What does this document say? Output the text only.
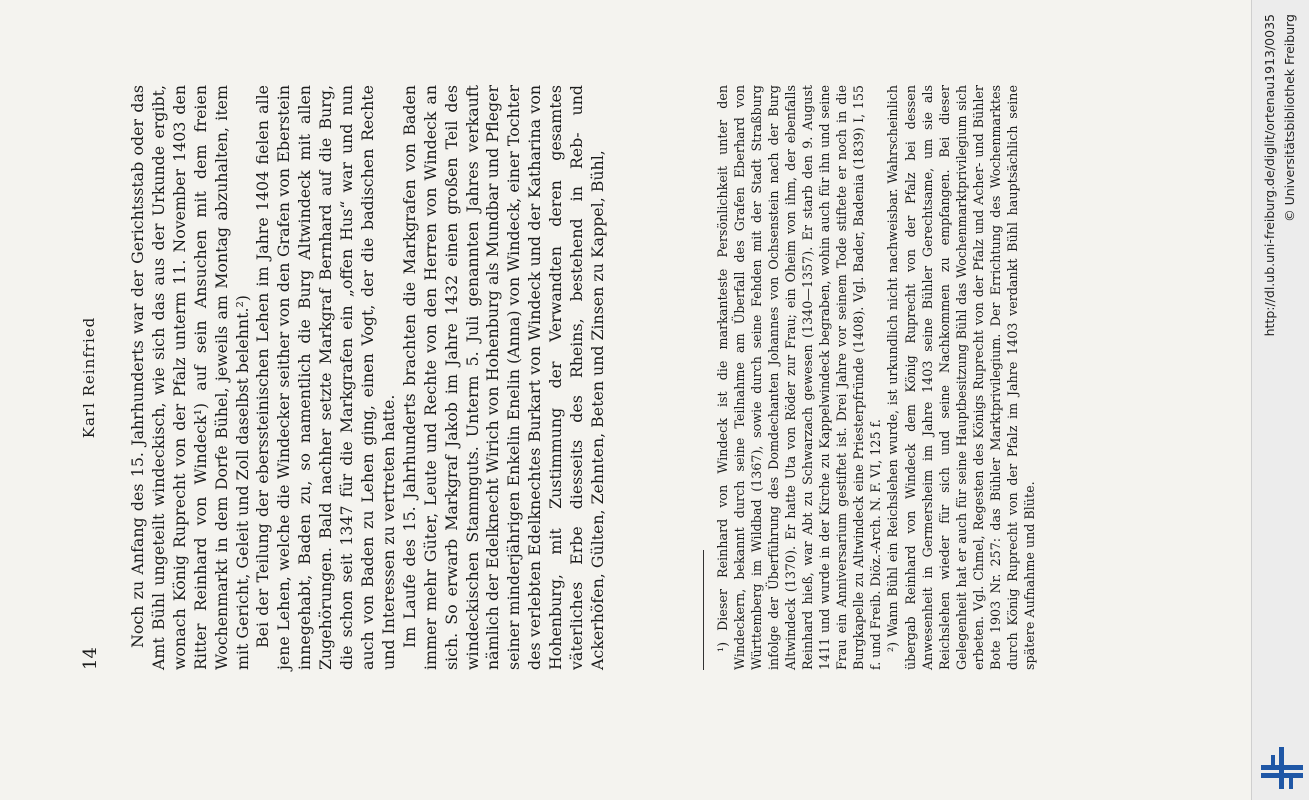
14
Karl Reinfried Noch zu Anfang des 15. Jahrhunderts war der Gerichtsstab oder das Amt Bühl ungeteilt windeckisch, wie sich das aus der Urkunde ergibt, wonach König Ruprecht von der Pfalz unterm 11. November 1403 den Ritter Reinhard von Windeck¹) auf sein Ansuchen mit dem freien Wochenmarkt in dem Dorfe Bühel, jeweils am Montag abzuhalten, item mit Gericht, Geleit und Zoll daselbst belehnt.²) Bei der Teilung der eberssteinischen Lehen im Jahre 1404 fielen alle jene Lehen, welche die Windecker seither von den Grafen von Eberstein innegehabt, Baden zu, so namentlich die Burg Altwindeck mit allen Zugehörungen. Bald nachher setzte Markgraf Bernhard auf die Burg, die schon seit 1347 für die Markgrafen ein „offen Hus“ war und nun auch von Baden zu Lehen ging, einen Vogt, der die badischen Rechte und Interessen zu vertreten hatte. Im Laufe des 15. Jahrhunderts brachten die Markgrafen von Baden immer mehr Güter, Leute und Rechte von den Herren von Windeck an sich. So erwarb Markgraf Jakob im Jahre 1432 einen großen Teil des windeckischen Stammguts. Unterm 5. Juli genannten Jahres verkauft nämlich der Edelknecht Wirich von Hohenburg als Mundbar und Pfleger seiner minderjährigen Enkelin Enelin (Anna) von Windeck, einer Tochter des verlebten Edelknechtes Burkart von Windeck und der Katharina von Hohenburg, mit Zustimmung der Verwandten deren gesamtes väterliches Erbe diesseits des Rheins, bestehend in Reb- und Ackerhöfen, Gülten, Zehnten, Beten und Zinsen zu Kappel, Bühl,	¹) Dieser Reinhard von Windeck ist die markanteste Persönlichkeit unter den Windeckern, bekannt durch seine Teilnahme am Überfall des Grafen Eberhard von Württemberg im Wildbad (1367), sowie durch seine Fehden mit der Stadt Straßburg infolge der Überführung des Domdechanten Johannes von Ochsenstein nach der Burg Altwindeck (1370). Er hatte Uta von Röder zur Frau; ein Oheim von ihm, der ebenfalls Reinhard hieß, war Abt zu Schwarzach gewesen (1340—1357). Er starb den 9. August 1411 und wurde in der Kirche zu Kappelwindeck begraben, wohin auch für ihn und seine Frau ein Anniversarium gestiftet ist. Drei Jahre vor seinem Tode stiftete er noch in die Burgkapelle zu Altwindeck eine Priesterpfründe (1408). Vgl. Bader, Badenia (1839) I, 155 f. und Freib. Diöz.-Arch. N. F. VI, 125 f. ²) Wann Bühl ein Reichslehen wurde, ist urkundlich nicht nachweisbar. Wahrscheinlich übergab Reinhard von Windeck dem König Ruprecht von der Pfalz bei dessen Anwesenheit in Germersheim im Jahre 1403 seine Bühler Gerechtsame, um sie als Reichslehen wieder für sich und seine Nachkommen zu empfangen. Bei dieser Gelegenheit hat er auch für seine Hauptbesitzung Bühl das Wochenmarktprivilegium sich erbeten. Vgl. Chmel, Regesten des Königs Ruprecht von der Pfalz und Acher- und Bühler Bote 1903 Nr. 257: das Bühler Marktprivilegium. Der Errichtung des Wochenmarktes durch König Ruprecht von der Pfalz im Jahre 1403 verdankt Bühl hauptsächlich seine spätere Aufnahme und Blüte.

http://dl.ub.uni-freiburg.de/diglit/ortenau1913/0035 © Universitätsbibliothek Freiburg
